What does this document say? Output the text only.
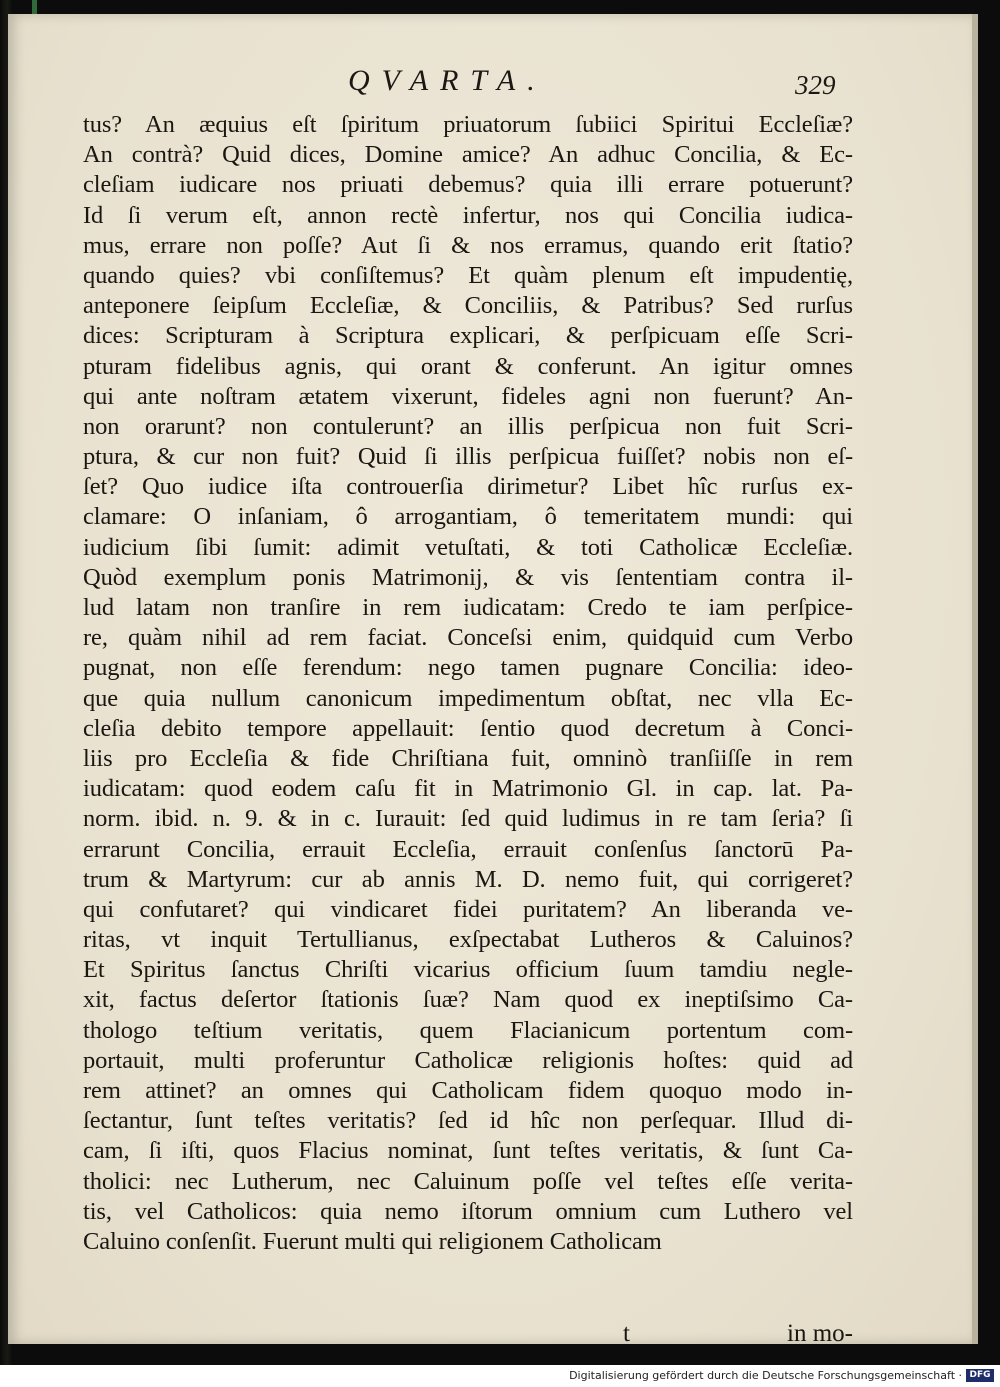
QVARTA.	329
tus? An æquius eſt ſpiritum priuatorum ſubiici Spiritui Eccleſiæ?
An contrà? Quid dices, Domine amice? An adhuc Concilia, & Ec-
cleſiam iudicare nos priuati debemus? quia illi errare potuerunt?
Id ſi verum eſt, annon rectè infertur, nos qui Concilia iudica-
mus, errare non poſſe? Aut ſi & nos erramus, quando erit ſtatio?
quando quies? vbi conſiſtemus? Et quàm plenum eſt impudentię,
anteponere ſeipſum Eccleſiæ, & Conciliis, & Patribus? Sed rurſus
dices: Scripturam à Scriptura explicari, & perſpicuam eſſe Scri-
pturam fidelibus agnis, qui orant & conferunt. An igitur omnes
qui ante noſtram ætatem vixerunt, fideles agni non fuerunt? An-
non orarunt? non contulerunt? an illis perſpicua non fuit Scri-
ptura, & cur non fuit? Quid ſi illis perſpicua fuiſſet? nobis non eſ-
ſet? Quo iudice iſta controuerſia dirimetur? Libet hîc rurſus ex-
clamare: O inſaniam, ô arrogantiam, ô temeritatem mundi: qui
iudicium ſibi ſumit: adimit vetuſtati, & toti Catholicæ Eccleſiæ.
Quòd exemplum ponis Matrimonij, & vis ſententiam contra il-
lud latam non tranſire in rem iudicatam: Credo te iam perſpice-
re, quàm nihil ad rem faciat. Conceſsi enim, quidquid cum Verbo
pugnat, non eſſe ferendum: nego tamen pugnare Concilia: ideo-
que quia nullum canonicum impedimentum obſtat, nec vlla Ec-
cleſia debito tempore appellauit: ſentio quod decretum à Conci-
liis pro Eccleſia & fide Chriſtiana fuit, omninò tranſiiſſe in rem
iudicatam: quod eodem caſu fit in Matrimonio Gl. in cap. lat. Pa-
norm. ibid. n. 9. & in c. Iurauit: ſed quid ludimus in re tam ſeria? ſi
errarunt Concilia, errauit Eccleſia, errauit conſenſus ſanctorū Pa-
trum & Martyrum: cur ab annis M. D. nemo fuit, qui corrigeret?
qui confutaret? qui vindicaret fidei puritatem? An liberanda ve-
ritas, vt inquit Tertullianus, exſpectabat Lutheros & Caluinos?
Et Spiritus ſanctus Chriſti vicarius officium ſuum tamdiu negle-
xit, factus deſertor ſtationis ſuæ? Nam quod ex ineptiſsimo Ca-
thologo teſtium veritatis, quem Flacianicum portentum com-
portauit, multi proferuntur Catholicæ religionis hoſtes: quid ad
rem attinet? an omnes qui Catholicam fidem quoquo modo in-
ſectantur, ſunt teſtes veritatis? ſed id hîc non perſequar. Illud di-
cam, ſi iſti, quos Flacius nominat, ſunt teſtes veritatis, & ſunt Ca-
tholici: nec Lutherum, nec Caluinum poſſe vel teſtes eſſe verita-
tis, vel Catholicos: quia nemo iſtorum omnium cum Luthero vel
Caluino conſenſit. Fuerunt multi qui religionem Catholicam
t	in mo-
Digitalisierung gefördert durch die Deutsche Forschungsgemeinschaft · DFG
